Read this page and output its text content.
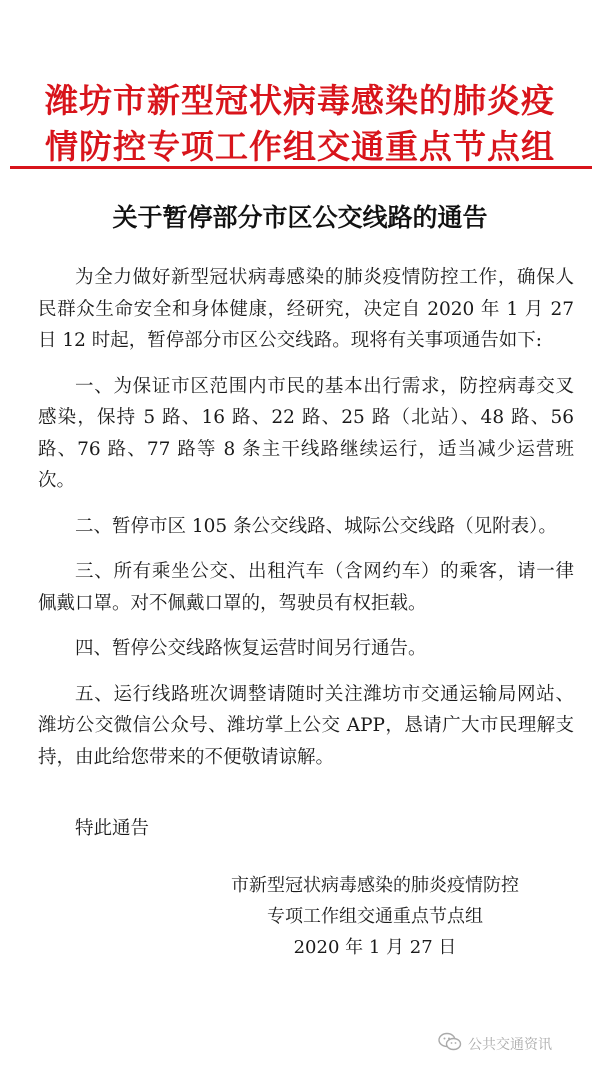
潍坊市新型冠状病毒感染的肺炎疫
情防控专项工作组交通重点节点组
关于暂停部分市区公交线路的通告

为全力做好新型冠状病毒感染的肺炎疫情防控工作，确保人民群众生命安全和身体健康，经研究，决定自 2020 年 1 月 27 日 12 时起，暂停部分市区公交线路。现将有关事项通告如下:

一、为保证市区范围内市民的基本出行需求，防控病毒交叉感染，保持 5 路、16 路、22 路、25 路（北站）、48 路、56 路、76 路、77 路等 8 条主干线路继续运行，适当减少运营班次。

二、暂停市区 105 条公交线路、城际公交线路（见附表）。

三、所有乘坐公交、出租汽车（含网约车）的乘客，请一律佩戴口罩。对不佩戴口罩的，驾驶员有权拒载。

四、暂停公交线路恢复运营时间另行通告。

五、运行线路班次调整请随时关注潍坊市交通运输局网站、潍坊公交微信公众号、潍坊掌上公交 APP，恳请广大市民理解支持，由此给您带来的不便敬请谅解。

特此通告
市新型冠状病毒感染的肺炎疫情防控
专项工作组交通重点节点组
2020 年 1 月 27 日
公共交通资讯
